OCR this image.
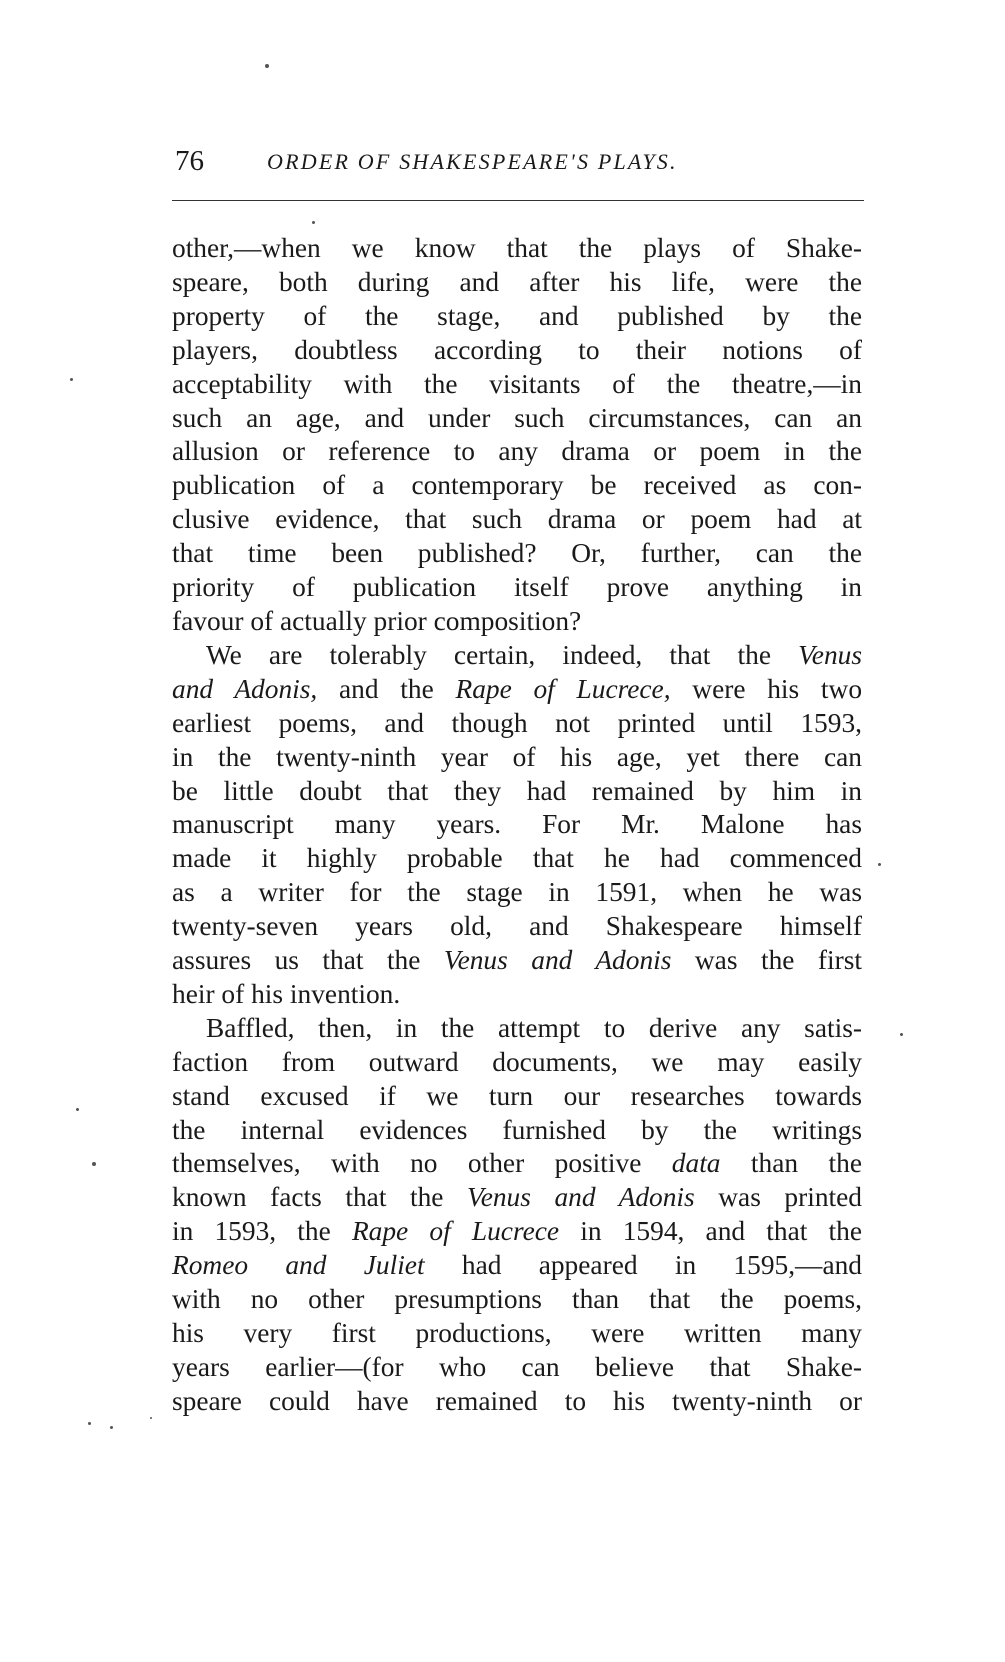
76	ORDER OF SHAKESPEARE'S PLAYS.

other,—when we know that the plays of Shake-
speare, both during and after his life, were the
property of the stage, and published by the
players, doubtless according to their notions of
acceptability with the visitants of the theatre,—in
such an age, and under such circumstances, can an
allusion or reference to any drama or poem in the
publication of a contemporary be received as con-
clusive evidence, that such drama or poem had at
that time been published? Or, further, can the
priority of publication itself prove anything in
favour of actually prior composition?

We are tolerably certain, indeed, that the Venus
and Adonis, and the Rape of Lucrece, were his two
earliest poems, and though not printed until 1593,
in the twenty-ninth year of his age, yet there can
be little doubt that they had remained by him in
manuscript many years. For Mr. Malone has
made it highly probable that he had commenced
as a writer for the stage in 1591, when he was
twenty-seven years old, and Shakespeare himself
assures us that the Venus and Adonis was the first
heir of his invention.

Baffled, then, in the attempt to derive any satis-
faction from outward documents, we may easily
stand excused if we turn our researches towards
the internal evidences furnished by the writings
themselves, with no other positive data than the
known facts that the Venus and Adonis was printed
in 1593, the Rape of Lucrece in 1594, and that the
Romeo and Juliet had appeared in 1595,—and
with no other presumptions than that the poems,
his very first productions, were written many
years earlier—(for who can believe that Shake-
speare could have remained to his twenty-ninth or
